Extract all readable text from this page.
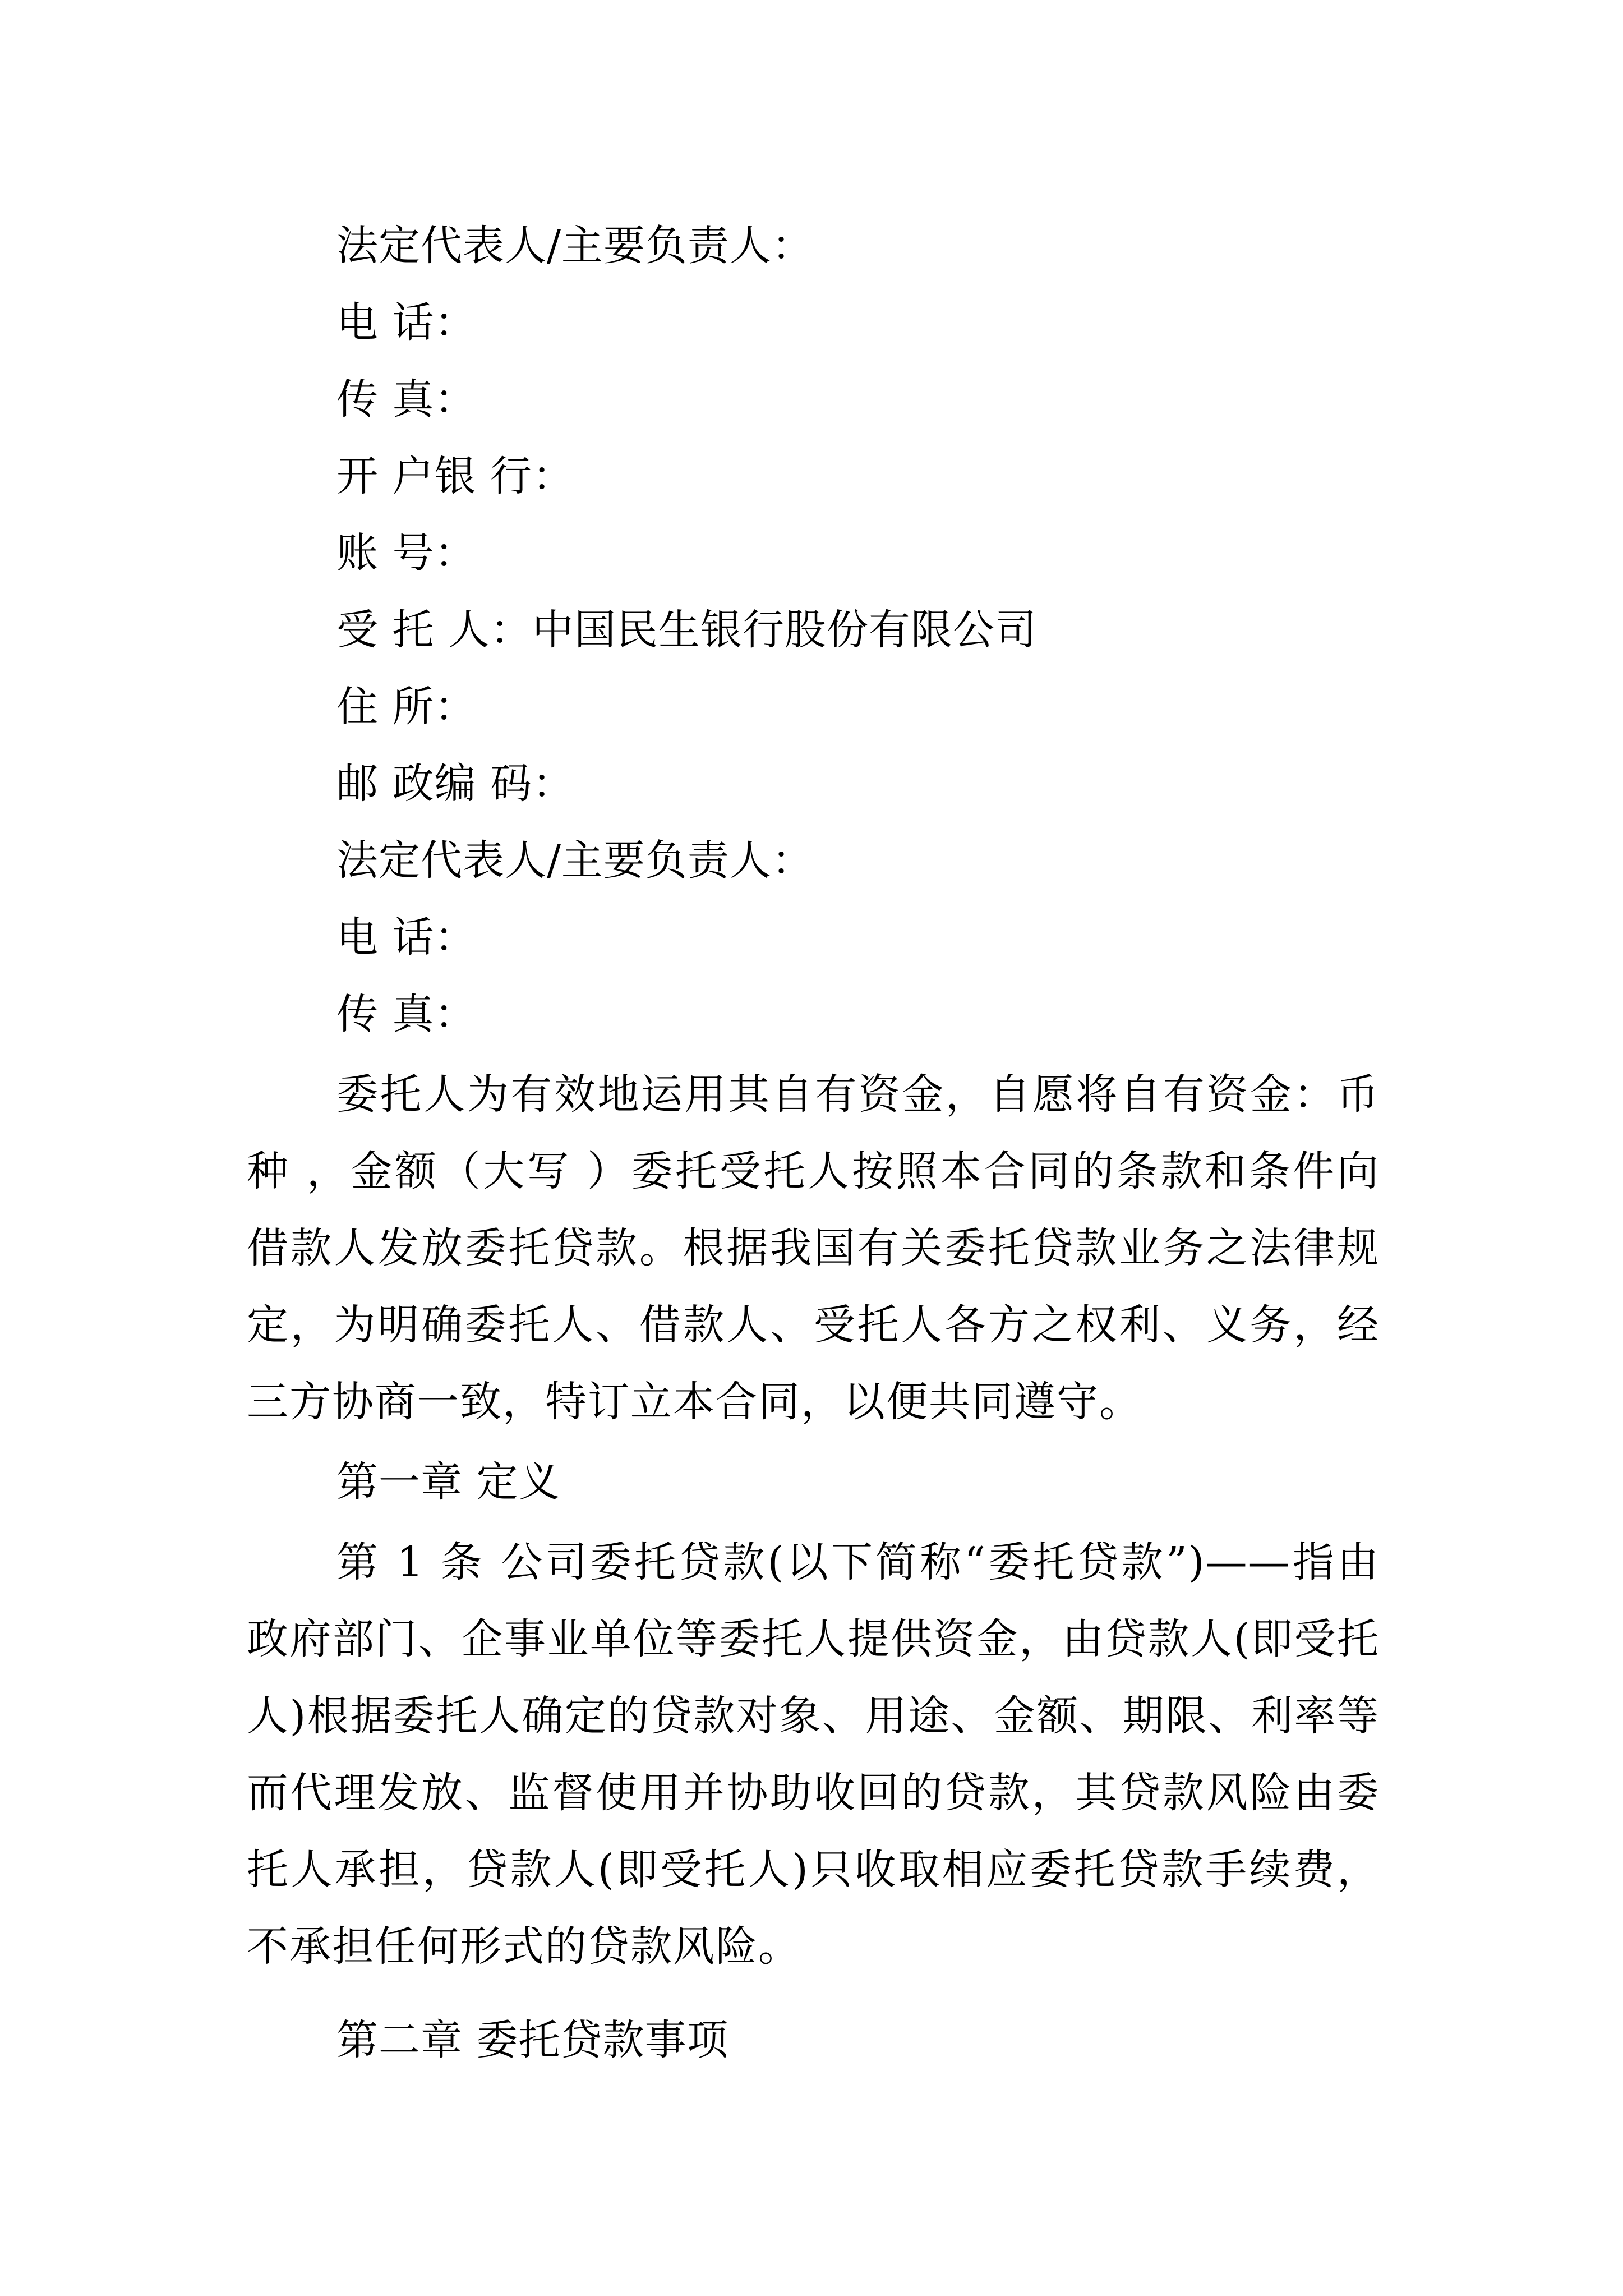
法定代表人/主要负责人：
电 话：
传 真：
开 户银 行：
账 号：
受 托 人：中国民生银行股份有限公司
住 所：
邮 政编 码：
法定代表人/主要负责人：
电 话：
传 真：

委托人为有效地运用其自有资金，自愿将自有资金：币种 ，金额（大写 ）委托受托人按照本合同的条款和条件向借款人发放委托贷款。根据我国有关委托贷款业务之法律规定，为明确委托人、借款人、受托人各方之权利、义务，经三方协商一致，特订立本合同，以便共同遵守。

第一章 定义

第 1 条 公司委托贷款(以下简称“委托贷款”)——指由政府部门、企事业单位等委托人提供资金，由贷款人(即受托人)根据委托人确定的贷款对象、用途、金额、期限、利率等而代理发放、监督使用并协助收回的贷款，其贷款风险由委托人承担，贷款人(即受托人)只收取相应委托贷款手续费，不承担任何形式的贷款风险。

第二章 委托贷款事项
